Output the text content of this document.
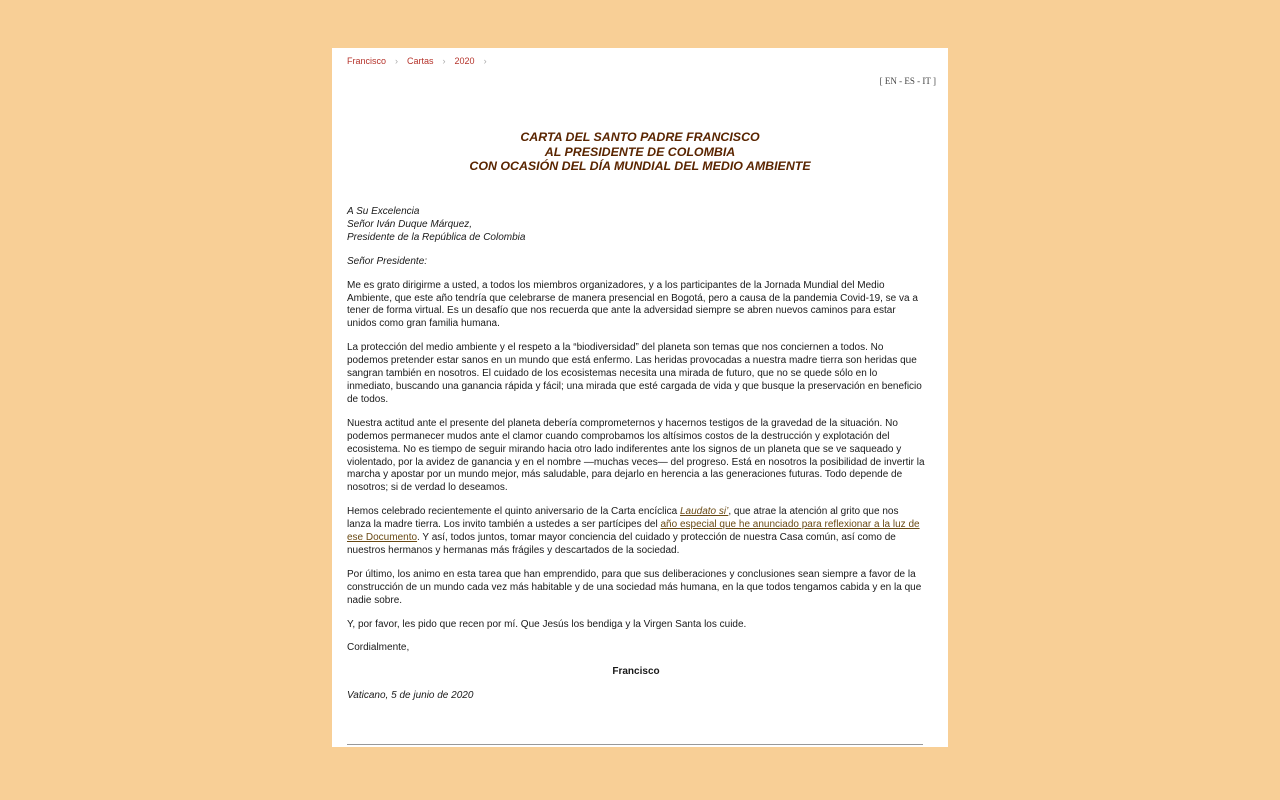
Francisco › Cartas › 2020 ›
[ EN - ES - IT ]
CARTA DEL SANTO PADRE FRANCISCO
AL PRESIDENTE DE COLOMBIA
CON OCASIÓN DEL DÍA MUNDIAL DEL MEDIO AMBIENTE

A Su Excelencia

Señor Iván Duque Márquez,

Presidente de la República de Colombia

Señor Presidente:

Me es grato dirigirme a usted, a todos los miembros organizadores, y a los participantes de la Jornada Mundial del Medio Ambiente, que este año tendría que celebrarse de manera presencial en Bogotá, pero a causa de la pandemia Covid-19, se va a tener de forma virtual. Es un desafío que nos recuerda que ante la adversidad siempre se abren nuevos caminos para estar unidos como gran familia humana.

La protección del medio ambiente y el respeto a la “biodiversidad” del planeta son temas que nos conciernen a todos. No podemos pretender estar sanos en un mundo que está enfermo. Las heridas provocadas a nuestra madre tierra son heridas que sangran también en nosotros. El cuidado de los ecosistemas necesita una mirada de futuro, que no se quede sólo en lo inmediato, buscando una ganancia rápida y fácil; una mirada que esté cargada de vida y que busque la preservación en beneficio de todos.

Nuestra actitud ante el presente del planeta debería comprometernos y hacernos testigos de la gravedad de la situación. No podemos permanecer mudos ante el clamor cuando comprobamos los altísimos costos de la destrucción y explotación del ecosistema. No es tiempo de seguir mirando hacia otro lado indiferentes ante los signos de un planeta que se ve saqueado y violentado, por la avidez de ganancia y en el nombre —muchas veces— del progreso. Está en nosotros la posibilidad de invertir la marcha y apostar por un mundo mejor, más saludable, para dejarlo en herencia a las generaciones futuras. Todo depende de nosotros; si de verdad lo deseamos.

Hemos celebrado recientemente el quinto aniversario de la Carta encíclica Laudato si’, que atrae la atención al grito que nos lanza la madre tierra. Los invito también a ustedes a ser partícipes del año especial que he anunciado para reflexionar a la luz de ese Documento. Y así, todos juntos, tomar mayor conciencia del cuidado y protección de nuestra Casa común, así como de nuestros hermanos y hermanas más frágiles y descartados de la sociedad.

Por último, los animo en esta tarea que han emprendido, para que sus deliberaciones y conclusiones sean siempre a favor de la construcción de un mundo cada vez más habitable y de una sociedad más humana, en la que todos tengamos cabida y en la que nadie sobre.

Y, por favor, les pido que recen por mí. Que Jesús los bendiga y la Virgen Santa los cuide.

Cordialmente,

Francisco

Vaticano, 5 de junio de 2020
